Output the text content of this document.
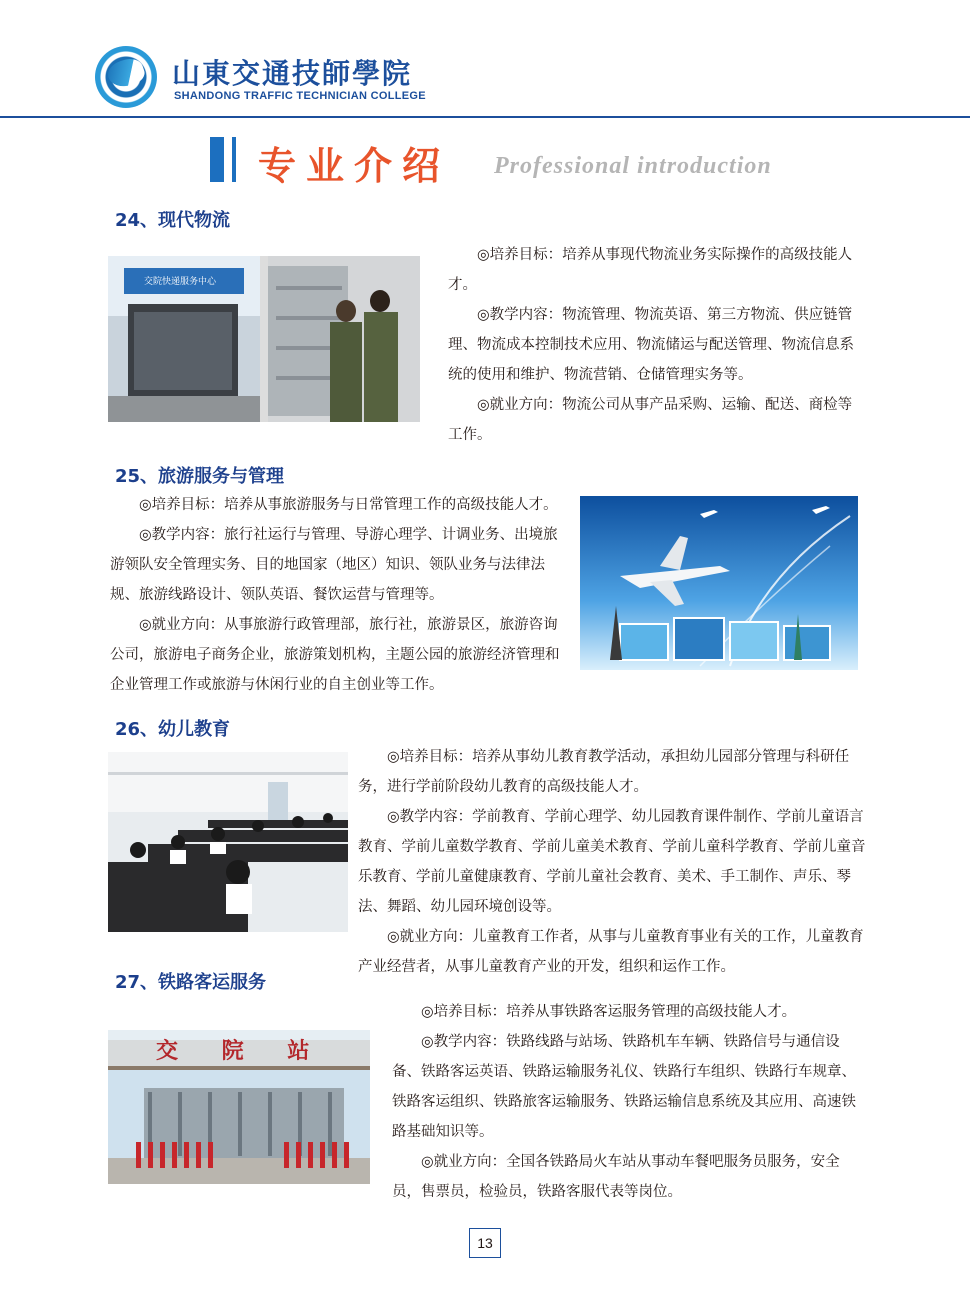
山東交通技師學院
SHANDONG TRAFFIC TECHNICIAN COLLEGE
专业介绍 Professional introduction
24、现代物流
交院快递服务中心

◎培养目标：培养从事现代物流业务实际操作的高级技能人才。

◎教学内容：物流管理、物流英语、第三方物流、供应链管理、物流成本控制技术应用、物流储运与配送管理、物流信息系统的使用和维护、物流营销、仓储管理实务等。

◎就业方向：物流公司从事产品采购、运输、配送、商检等工作。

25、旅游服务与管理

◎培养目标：培养从事旅游服务与日常管理工作的高级技能人才。

◎教学内容：旅行社运行与管理、导游心理学、计调业务、出境旅游领队安全管理实务、目的地国家（地区）知识、领队业务与法律法规、旅游线路设计、领队英语、餐饮运营与管理等。

◎就业方向：从事旅游行政管理部，旅行社，旅游景区，旅游咨询公司，旅游电子商务企业，旅游策划机构，主题公园的旅游经济管理和企业管理工作或旅游与休闲行业的自主创业等工作。

26、幼儿教育

◎培养目标：培养从事幼儿教育教学活动，承担幼儿园部分管理与科研任务，进行学前阶段幼儿教育的高级技能人才。

◎教学内容：学前教育、学前心理学、幼儿园教育课件制作、学前儿童语言教育、学前儿童数学教育、学前儿童美术教育、学前儿童科学教育、学前儿童音乐教育、学前儿童健康教育、学前儿童社会教育、美术、手工制作、声乐、琴法、舞蹈、幼儿园环境创设等。

◎就业方向：儿童教育工作者，从事与儿童教育事业有关的工作，儿童教育产业经营者，从事儿童教育产业的开发，组织和运作工作。

27、铁路客运服务
交 院 站

◎培养目标：培养从事铁路客运服务管理的高级技能人才。

◎教学内容：铁路线路与站场、铁路机车车辆、铁路信号与通信设备、铁路客运英语、铁路运输服务礼仪、铁路行车组织、铁路行车规章、铁路客运组织、铁路旅客运输服务、铁路运输信息系统及其应用、高速铁路基础知识等。

◎就业方向：全国各铁路局火车站从事动车餐吧服务员服务，安全员，售票员，检验员，铁路客服代表等岗位。

13
